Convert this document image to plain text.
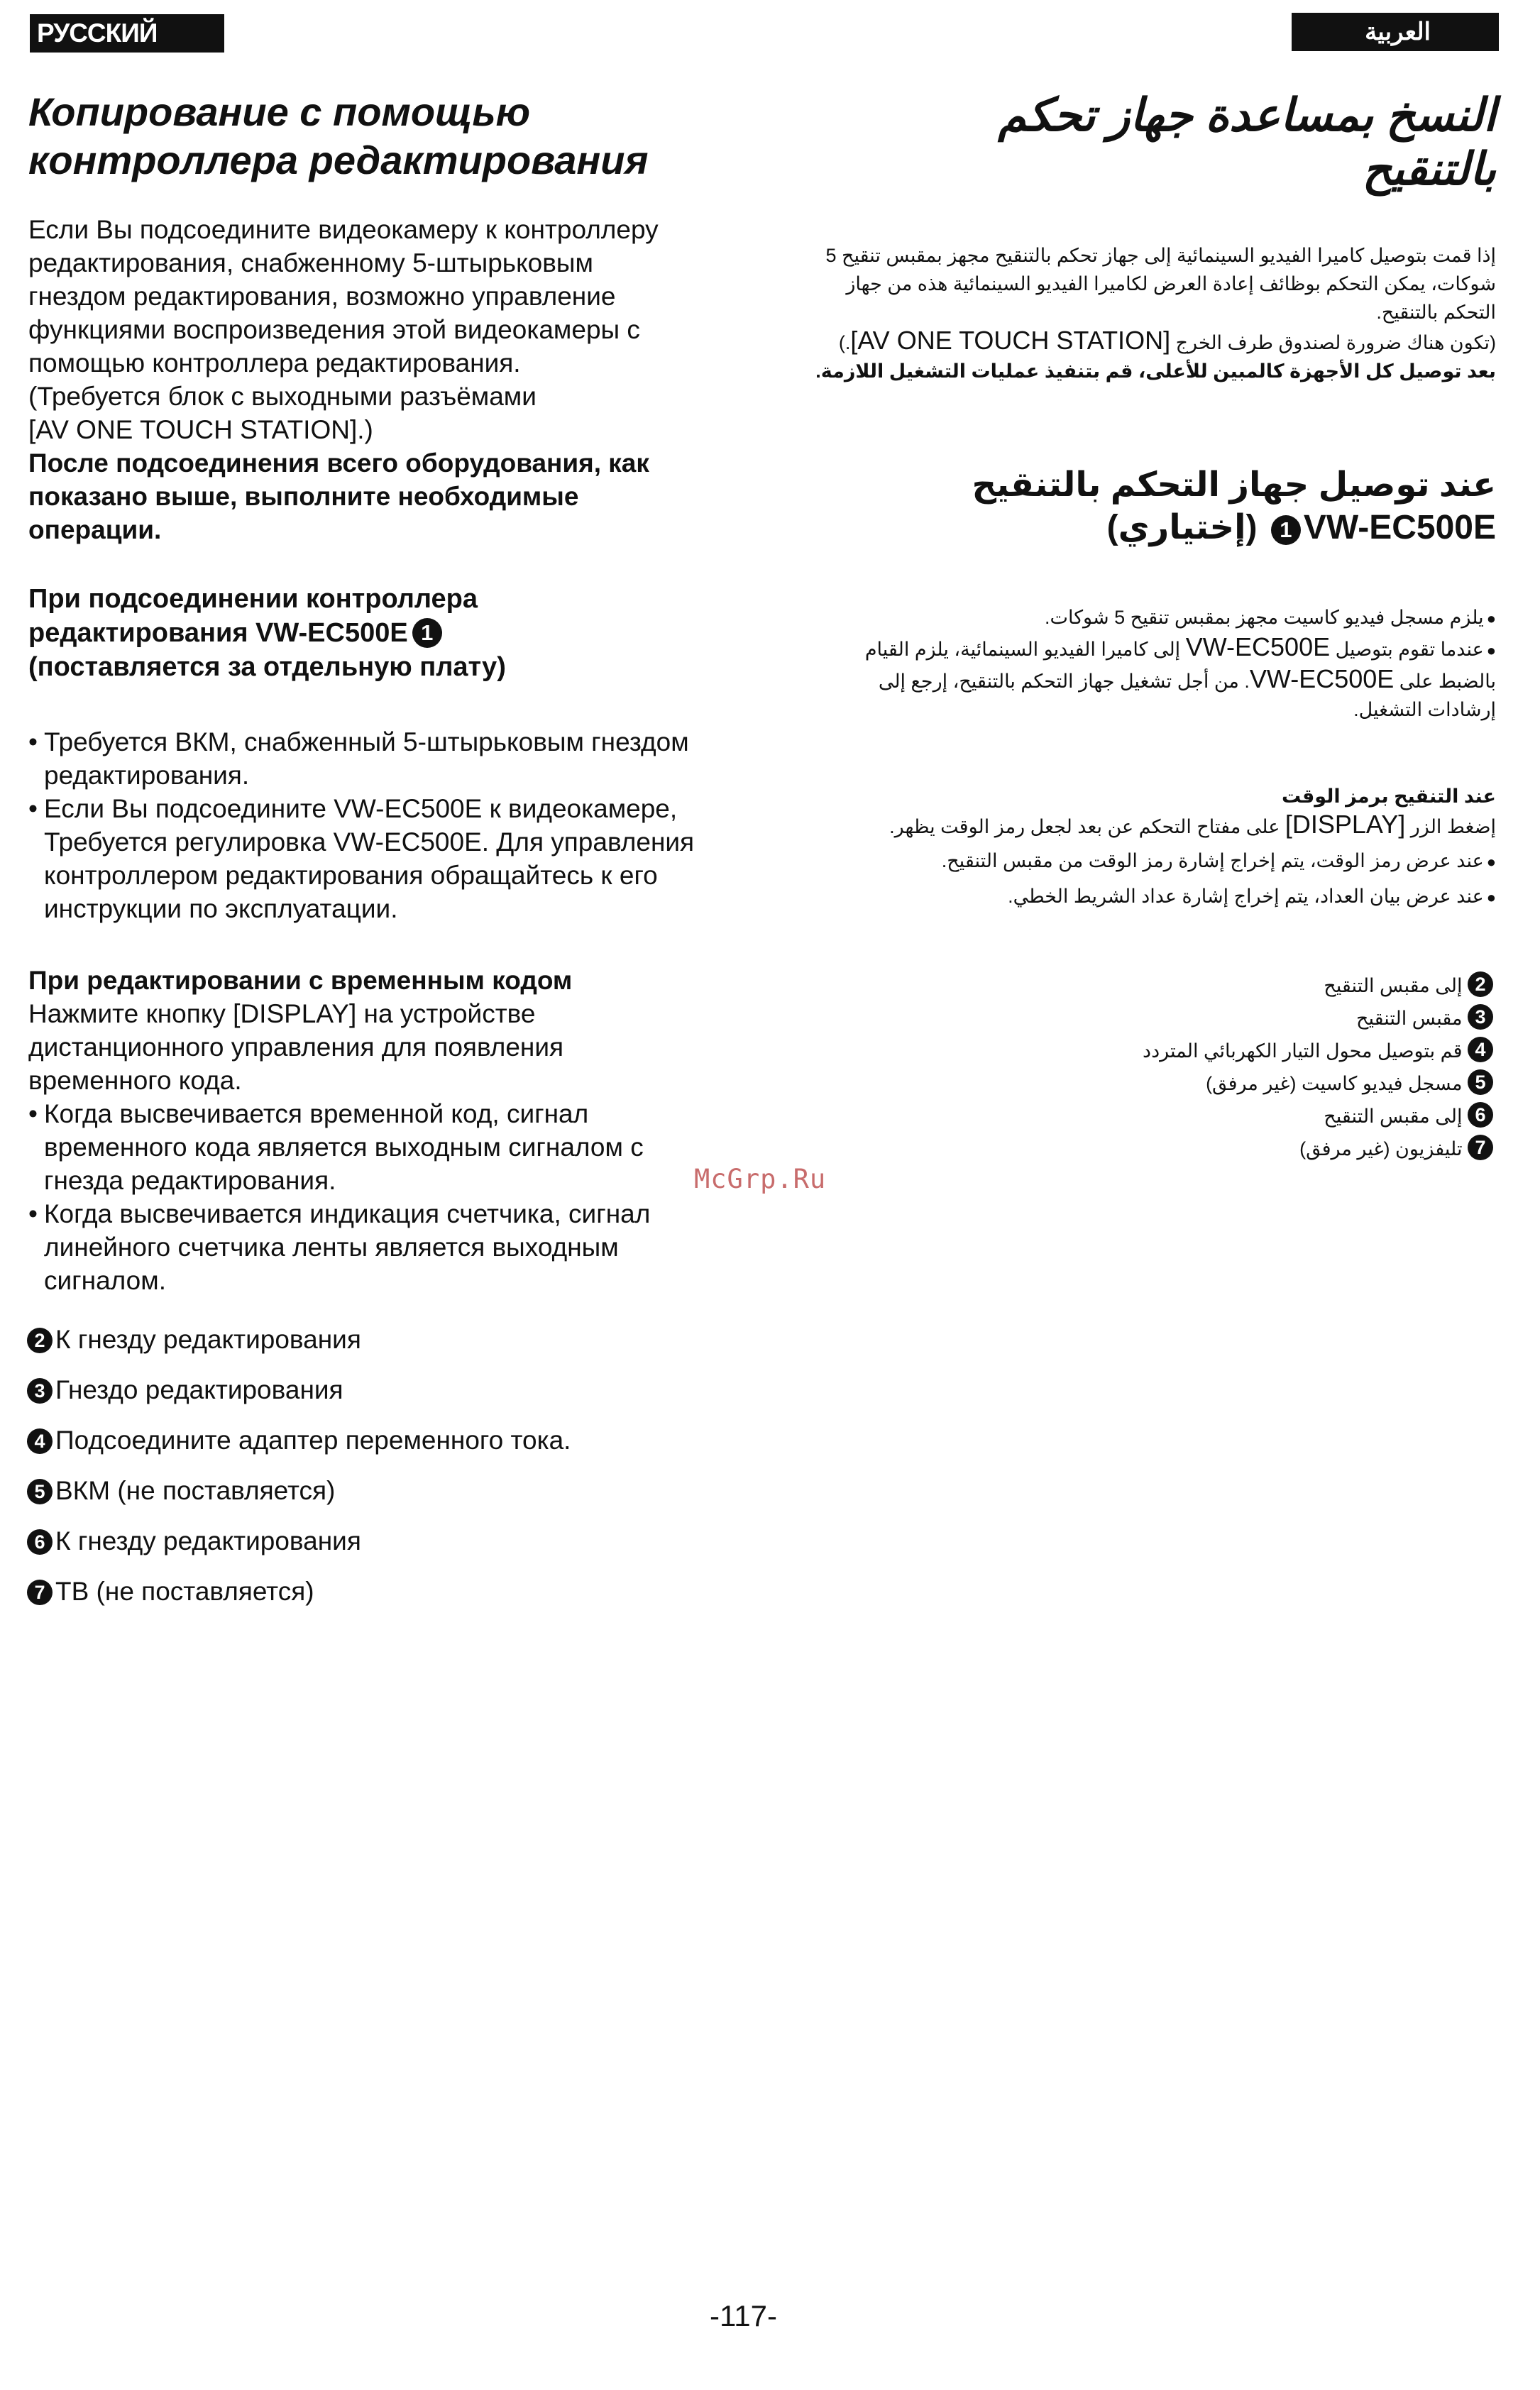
РУССКИЙ ЯЗЫК
العربية
Копирование с помощью
контроллера редактирования

Если Вы подсоедините видеокамеру к контроллеру

редактирования, снабженному 5-штырьковым

гнездом редактирования, возможно управление

функциями воспроизведения этой видеокамеры с

помощью контроллера редактирования.

(Требуется блок с выходными разъёмами

[AV ONE TOUCH STATION].)

После подсоединения всего оборудования, как

показано выше, выполните необходимые

операции.

При подсоединении контроллера

редактирования VW-EC500E 1

(поставляется за отдельную плату)

• Требуется ВКМ, снабженный 5-штырьковым гнездом редактирования.

• Если Вы подсоедините VW-EC500E к видеокамере, Требуется регулировка VW-EC500E. Для управления контроллером редактирования обращайтесь к его инструкции по эксплуатации.

При редактировании с временным кодом

Нажмите кнопку [DISPLAY] на устройстве дистанционного управления для появления временного кода.

• Когда высвечивается временной код, сигнал временного кода является выходным сигналом с гнезда редактирования.

• Когда высвечивается индикация счетчика, сигнал линейного счетчика ленты является выходным сигналом.

2 К гнезду редактирования
3 Гнездо редактирования
4 Подсоедините адаптер переменного тока.
5 ВКМ (не поставляется)
6 К гнезду редактирования
7 ТВ (не поставляется)
النسخ بمساعدة جهاز تحكم
بالتنقيح

إذا قمت بتوصيل كاميرا الفيديو السينمائية إلى جهاز تحكم بالتنقيح مجهز بمقبس تنقيح 5 شوكات، يمكن التحكم بوظائف إعادة العرض لكاميرا الفيديو السينمائية هذه من جهاز التحكم بالتنقيح.

(تكون هناك ضرورة لصندوق طرف الخرج [AV ONE TOUCH STATION].)

بعد توصيل كل الأجهزة كالمبين للأعلى، قم بتنفيذ عمليات التشغيل اللازمة.

عند توصيل جهاز التحكم بالتنقيح
VW-EC500E1 (إختياري)

● يلزم مسجل فيديو كاسيت مجهز بمقبس تنقيح 5 شوكات.

● عندما تقوم بتوصيل VW-EC500E إلى كاميرا الفيديو السينمائية، يلزم القيام بالضبط على VW-EC500E. من أجل تشغيل جهاز التحكم بالتنقيح، إرجع إلى إرشادات التشغيل.

عند التنقيح برمز الوقت

إضغط الزر [DISPLAY] على مفتاح التحكم عن بعد لجعل رمز الوقت يظهر.

● عند عرض رمز الوقت، يتم إخراج إشارة رمز الوقت من مقبس التنقيح.

● عند عرض بيان العداد، يتم إخراج إشارة عداد الشريط الخطي.

2 إلى مقبس التنقيح

3 مقبس التنقيح

4 قم بتوصيل محول التيار الكهربائي المتردد

5 مسجل فيديو كاسيت (غير مرفق)

6 إلى مقبس التنقيح

7 تليفزيون (غير مرفق)

McGrp.Ru
-117-
